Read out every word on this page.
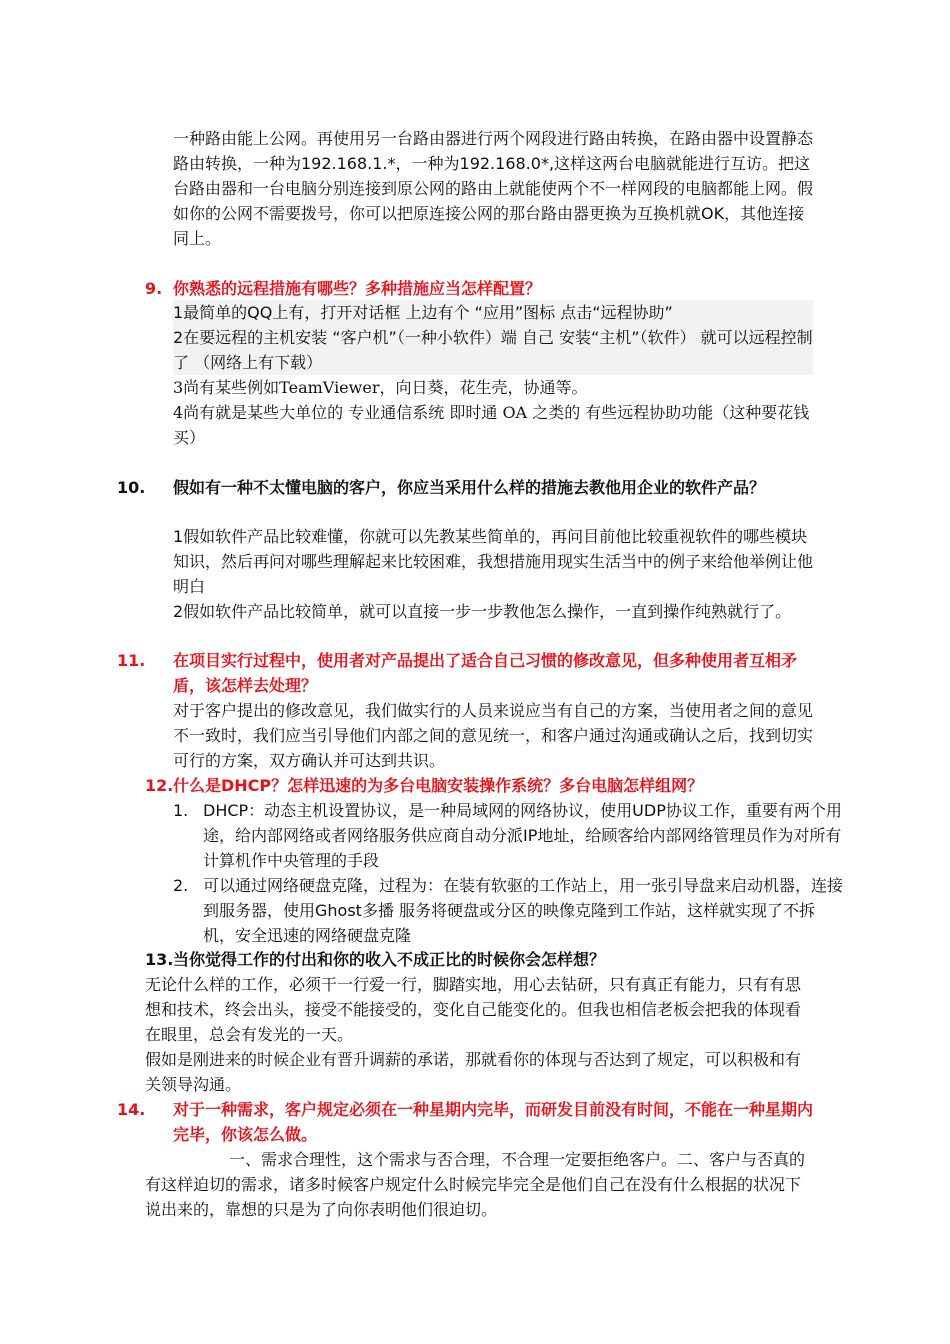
一种路由能上公网。再使用另一台路由器进行两个网段进行路由转换，在路由器中设置静态路由转换，一种为192.168.1.*，一种为192.168.0*,这样这两台电脑就能进行互访。把这台路由器和一台电脑分别连接到原公网的路由上就能使两个不一样网段的电脑都能上网。假如你的公网不需要拨号，你可以把原连接公网的那台路由器更换为互换机就OK，其他连接同上。

9. 你熟悉的远程措施有哪些？多种措施应当怎样配置？

1最简单的QQ上有，打开对话框 上边有个 “应用”图标 点击“远程协助”

2在要远程的主机安装 “客户机”（一种小软件）端 自己 安装“主机”（软件） 就可以远程控制了 （网络上有下载）

3尚有某些例如TeamViewer，向日葵，花生壳，协通等。

4尚有就是某些大单位的 专业通信系统 即时通 OA 之类的 有些远程协助功能（这种要花钱买）

10. 假如有一种不太懂电脑的客户，你应当采用什么样的措施去教他用企业的软件产品？

1假如软件产品比较难懂，你就可以先教某些简单的，再问目前他比较重视软件的哪些模块知识，然后再问对哪些理解起来比较困难，我想措施用现实生活当中的例子来给他举例让他明白

2假如软件产品比较简单，就可以直接一步一步教他怎么操作，一直到操作纯熟就行了。

11. 在项目实行过程中，使用者对产品提出了适合自己习惯的修改意见，但多种使用者互相矛盾，该怎样去处理？

对于客户提出的修改意见，我们做实行的人员来说应当有自己的方案，当使用者之间的意见不一致时，我们应当引导他们内部之间的意见统一，和客户通过沟通或确认之后，找到切实可行的方案，双方确认并可达到共识。

12.什么是DHCP？怎样迅速的为多台电脑安装操作系统？多台电脑怎样组网？
1. DHCP：动态主机设置协议，是一种局域网的网络协议，使用UDP协议工作，重要有两个用途，给内部网络或者网络服务供应商自动分派IP地址，给顾客给内部网络管理员作为对所有计算机作中央管理的手段
2. 可以通过网络硬盘克隆，过程为：在装有软驱的工作站上，用一张引导盘来启动机器，连接到服务器，使用Ghost多播 服务将硬盘或分区的映像克隆到工作站，这样就实现了不拆机，安全迅速的网络硬盘克隆
13.当你觉得工作的付出和你的收入不成正比的时候你会怎样想？

无论什么样的工作，必须干一行爱一行，脚踏实地，用心去钻研，只有真正有能力，只有有思想和技术，终会出头，接受不能接受的，变化自己能变化的。但我也相信老板会把我的体现看在眼里，总会有发光的一天。

假如是刚进来的时候企业有晋升调薪的承诺，那就看你的体现与否达到了规定，可以积极和有关领导沟通。

14. 对于一种需求，客户规定必须在一种星期内完毕，而研发目前没有时间，不能在一种星期内完毕，你该怎么做。

一、需求合理性，这个需求与否合理，不合理一定要拒绝客户。二、客户与否真的有这样迫切的需求，诸多时候客户规定什么时候完毕完全是他们自己在没有什么根据的状况下说出来的，靠想的只是为了向你表明他们很迫切。
